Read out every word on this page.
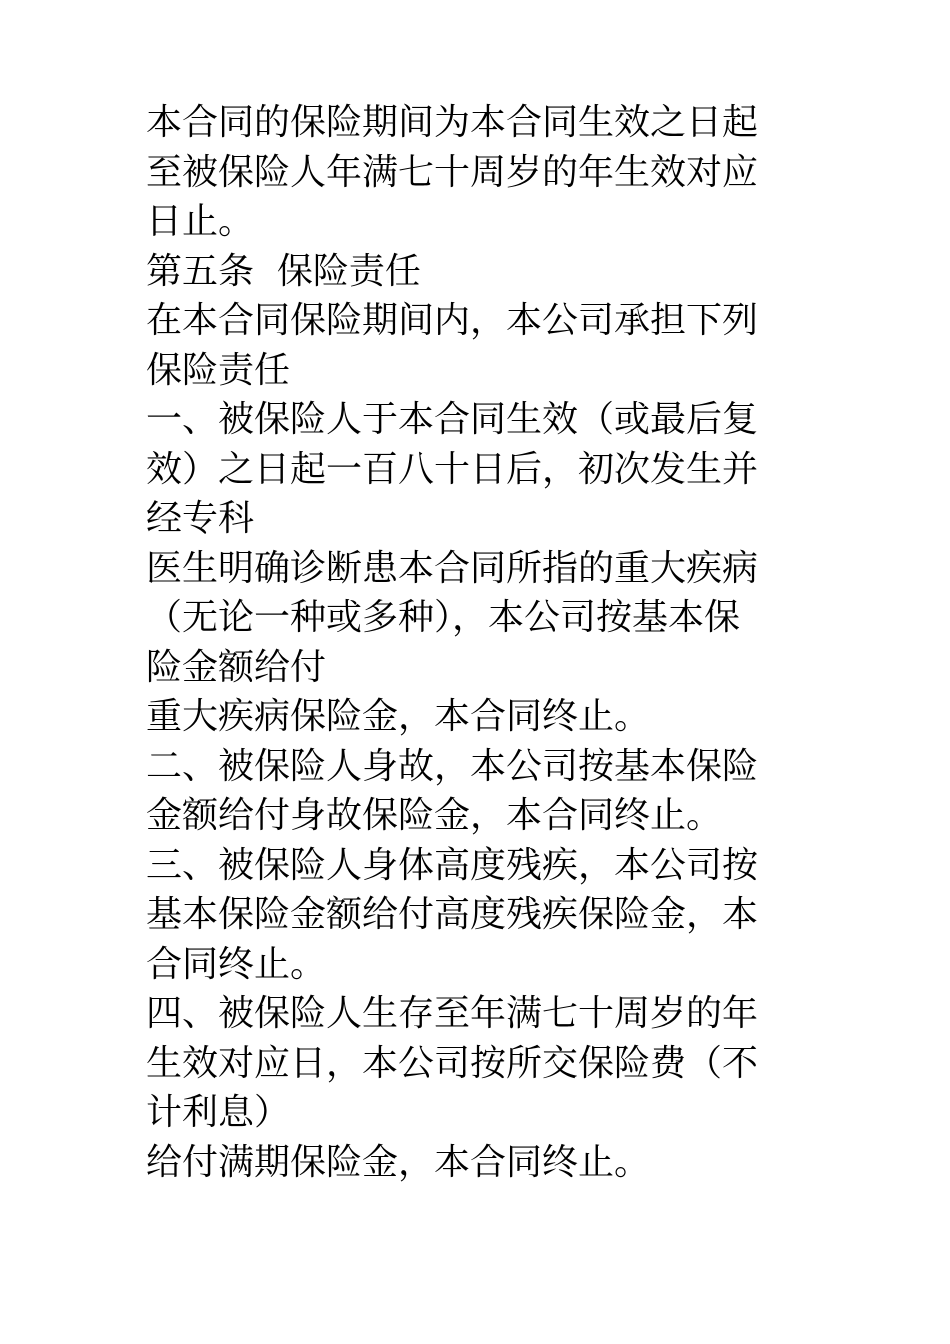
本合同的保险期间为本合同生效之日起
至被保险人年满七十周岁的年生效对应
日止。
第五条  保险责任
在本合同保险期间内，本公司承担下列
保险责任
一、被保险人于本合同生效（或最后复
效）之日起一百八十日后，初次发生并
经专科
医生明确诊断患本合同所指的重大疾病
（无论一种或多种），本公司按基本保
险金额给付
重大疾病保险金，本合同终止。
二、被保险人身故，本公司按基本保险
金额给付身故保险金，本合同终止。
三、被保险人身体高度残疾，本公司按
基本保险金额给付高度残疾保险金，本
合同终止。
四、被保险人生存至年满七十周岁的年
生效对应日，本公司按所交保险费（不
计利息）
给付满期保险金，本合同终止。
